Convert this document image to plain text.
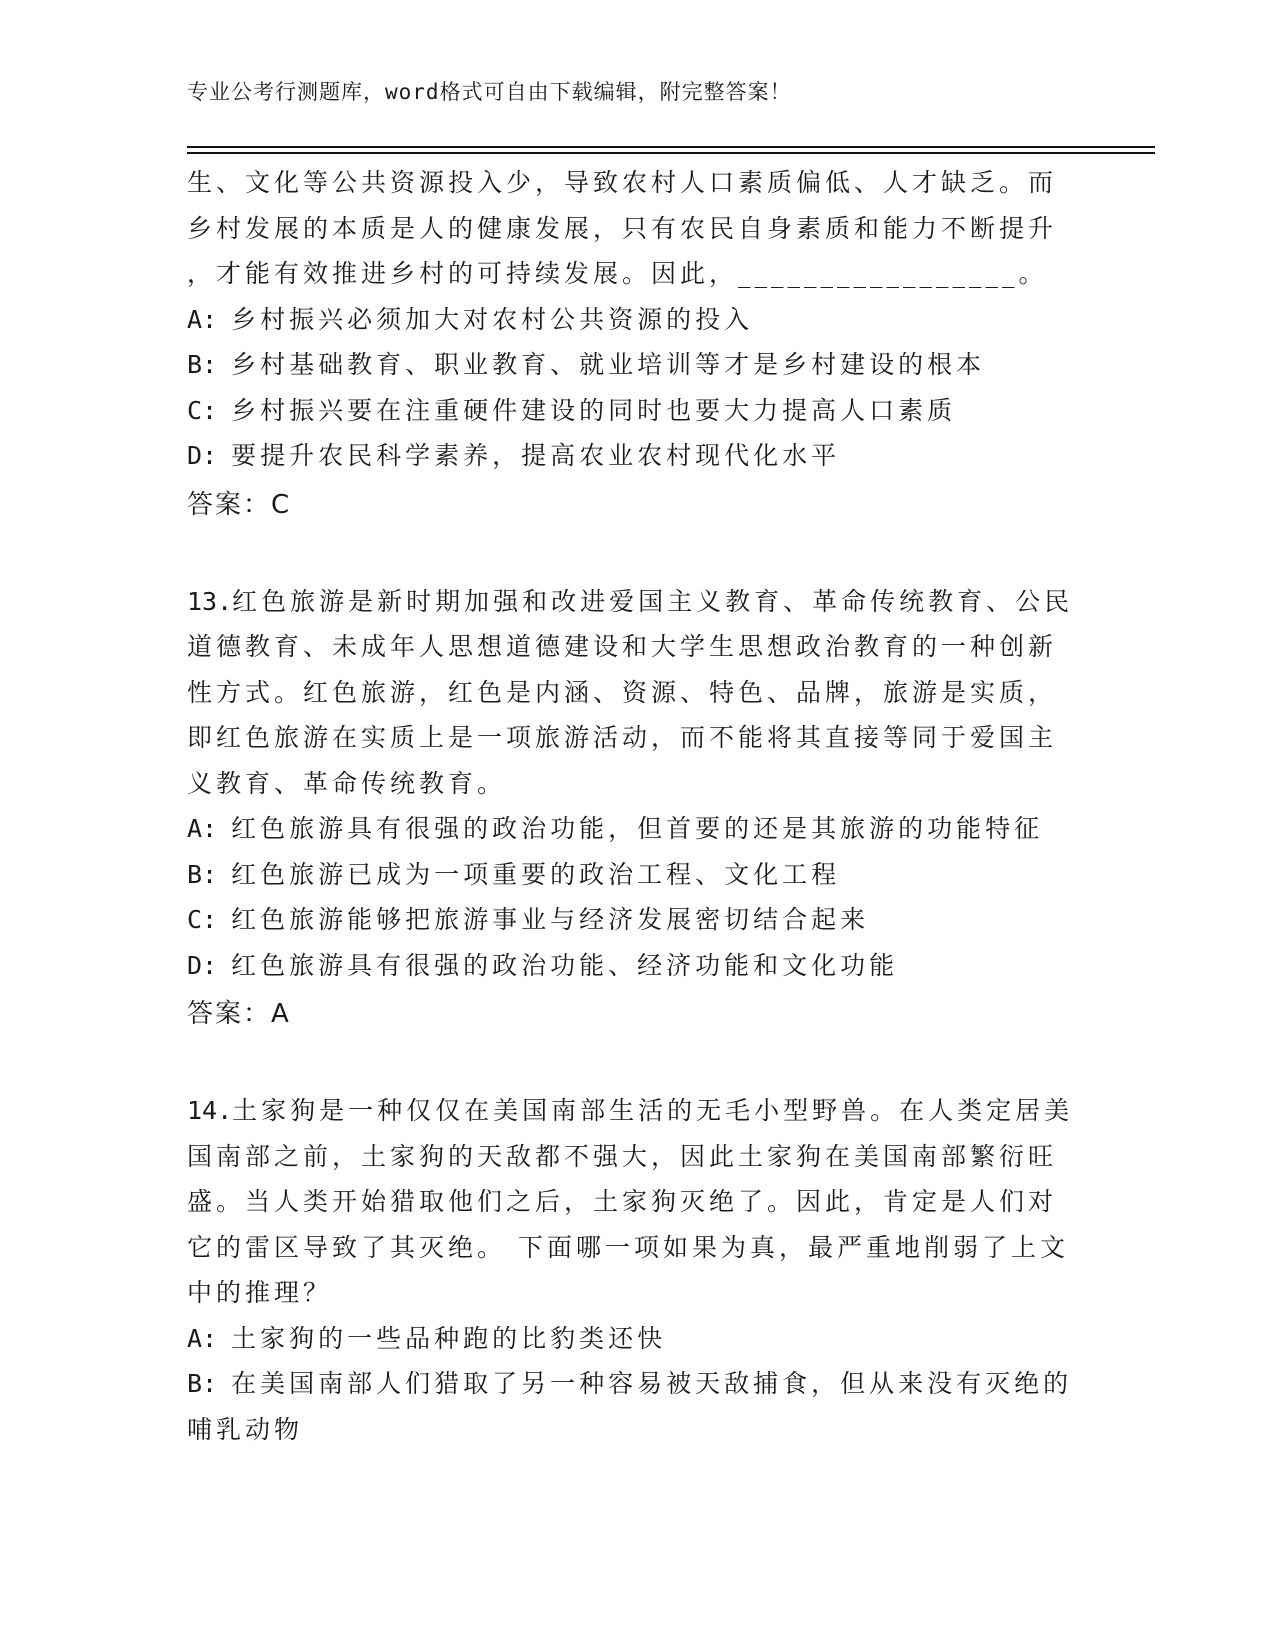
专业公考行测题库，word格式可自由下载编辑，附完整答案！
生、文化等公共资源投入少，导致农村人口素质偏低、人才缺乏。而
乡村发展的本质是人的健康发展，只有农民自身素质和能力不断提升
，才能有效推进乡村的可持续发展。因此，_________________。
A: 乡村振兴必须加大对农村公共资源的投入
B: 乡村基础教育、职业教育、就业培训等才是乡村建设的根本
C: 乡村振兴要在注重硬件建设的同时也要大力提高人口素质
D: 要提升农民科学素养，提高农业农村现代化水平
答案：C
13.红色旅游是新时期加强和改进爱国主义教育、革命传统教育、公民
道德教育、未成年人思想道德建设和大学生思想政治教育的一种创新
性方式。红色旅游，红色是内涵、资源、特色、品牌，旅游是实质，
即红色旅游在实质上是一项旅游活动，而不能将其直接等同于爱国主
义教育、革命传统教育。
A: 红色旅游具有很强的政治功能，但首要的还是其旅游的功能特征
B: 红色旅游已成为一项重要的政治工程、文化工程
C: 红色旅游能够把旅游事业与经济发展密切结合起来
D: 红色旅游具有很强的政治功能、经济功能和文化功能
答案：A
14.土家狗是一种仅仅在美国南部生活的无毛小型野兽。在人类定居美
国南部之前，土家狗的天敌都不强大，因此土家狗在美国南部繁衍旺
盛。当人类开始猎取他们之后，土家狗灭绝了。因此，肯定是人们对
它的雷区导致了其灭绝。 下面哪一项如果为真，最严重地削弱了上文
中的推理？
A: 土家狗的一些品种跑的比豹类还快
B: 在美国南部人们猎取了另一种容易被天敌捕食，但从来没有灭绝的
哺乳动物
